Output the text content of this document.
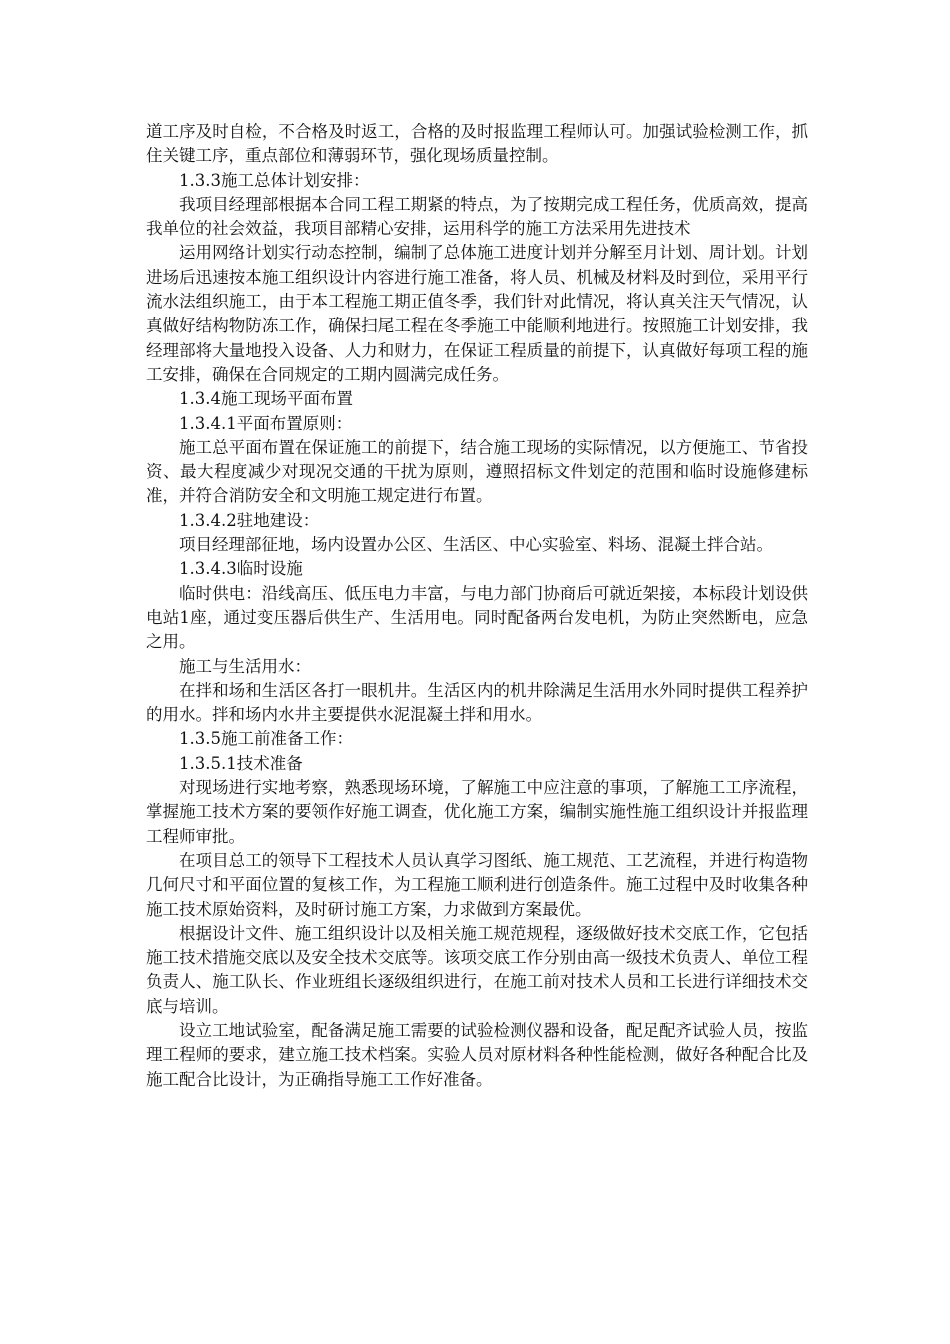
道工序及时自检，不合格及时返工，合格的及时报监理工程师认可。加强试验检测工作，抓住关键工序，重点部位和薄弱环节，强化现场质量控制。

1.3.3施工总体计划安排：

我项目经理部根据本合同工程工期紧的特点，为了按期完成工程任务，优质高效，提高我单位的社会效益，我项目部精心安排，运用科学的施工方法采用先进技术

运用网络计划实行动态控制，编制了总体施工进度计划并分解至月计划、周计划。计划进场后迅速按本施工组织设计内容进行施工准备，将人员、机械及材料及时到位，采用平行流水法组织施工，由于本工程施工期正值冬季，我们针对此情况，将认真关注天气情况，认真做好结构物防冻工作，确保扫尾工程在冬季施工中能顺利地进行。按照施工计划安排，我经理部将大量地投入设备、人力和财力，在保证工程质量的前提下，认真做好每项工程的施工安排，确保在合同规定的工期内圆满完成任务。

1.3.4施工现场平面布置

1.3.4.1平面布置原则：

施工总平面布置在保证施工的前提下，结合施工现场的实际情况，以方便施工、节省投资、最大程度减少对现况交通的干扰为原则，遵照招标文件划定的范围和临时设施修建标准，并符合消防安全和文明施工规定进行布置。

1.3.4.2驻地建设：

项目经理部征地，场内设置办公区、生活区、中心实验室、料场、混凝土拌合站。

1.3.4.3临时设施

临时供电：沿线高压、低压电力丰富，与电力部门协商后可就近架接，本标段计划设供电站1座，通过变压器后供生产、生活用电。同时配备两台发电机，为防止突然断电，应急之用。

施工与生活用水：

在拌和场和生活区各打一眼机井。生活区内的机井除满足生活用水外同时提供工程养护的用水。拌和场内水井主要提供水泥混凝土拌和用水。

1.3.5施工前准备工作：

1.3.5.1技术准备

对现场进行实地考察，熟悉现场环境，了解施工中应注意的事项，了解施工工序流程，掌握施工技术方案的要领作好施工调查，优化施工方案，编制实施性施工组织设计并报监理工程师审批。

在项目总工的领导下工程技术人员认真学习图纸、施工规范、工艺流程，并进行构造物几何尺寸和平面位置的复核工作，为工程施工顺利进行创造条件。施工过程中及时收集各种施工技术原始资料，及时研讨施工方案，力求做到方案最优。

根据设计文件、施工组织设计以及相关施工规范规程，逐级做好技术交底工作，它包括施工技术措施交底以及安全技术交底等。该项交底工作分别由高一级技术负责人、单位工程负责人、施工队长、作业班组长逐级组织进行，在施工前对技术人员和工长进行详细技术交底与培训。

设立工地试验室，配备满足施工需要的试验检测仪器和设备，配足配齐试验人员，按监理工程师的要求，建立施工技术档案。实验人员对原材料各种性能检测，做好各种配合比及施工配合比设计，为正确指导施工工作好准备。
